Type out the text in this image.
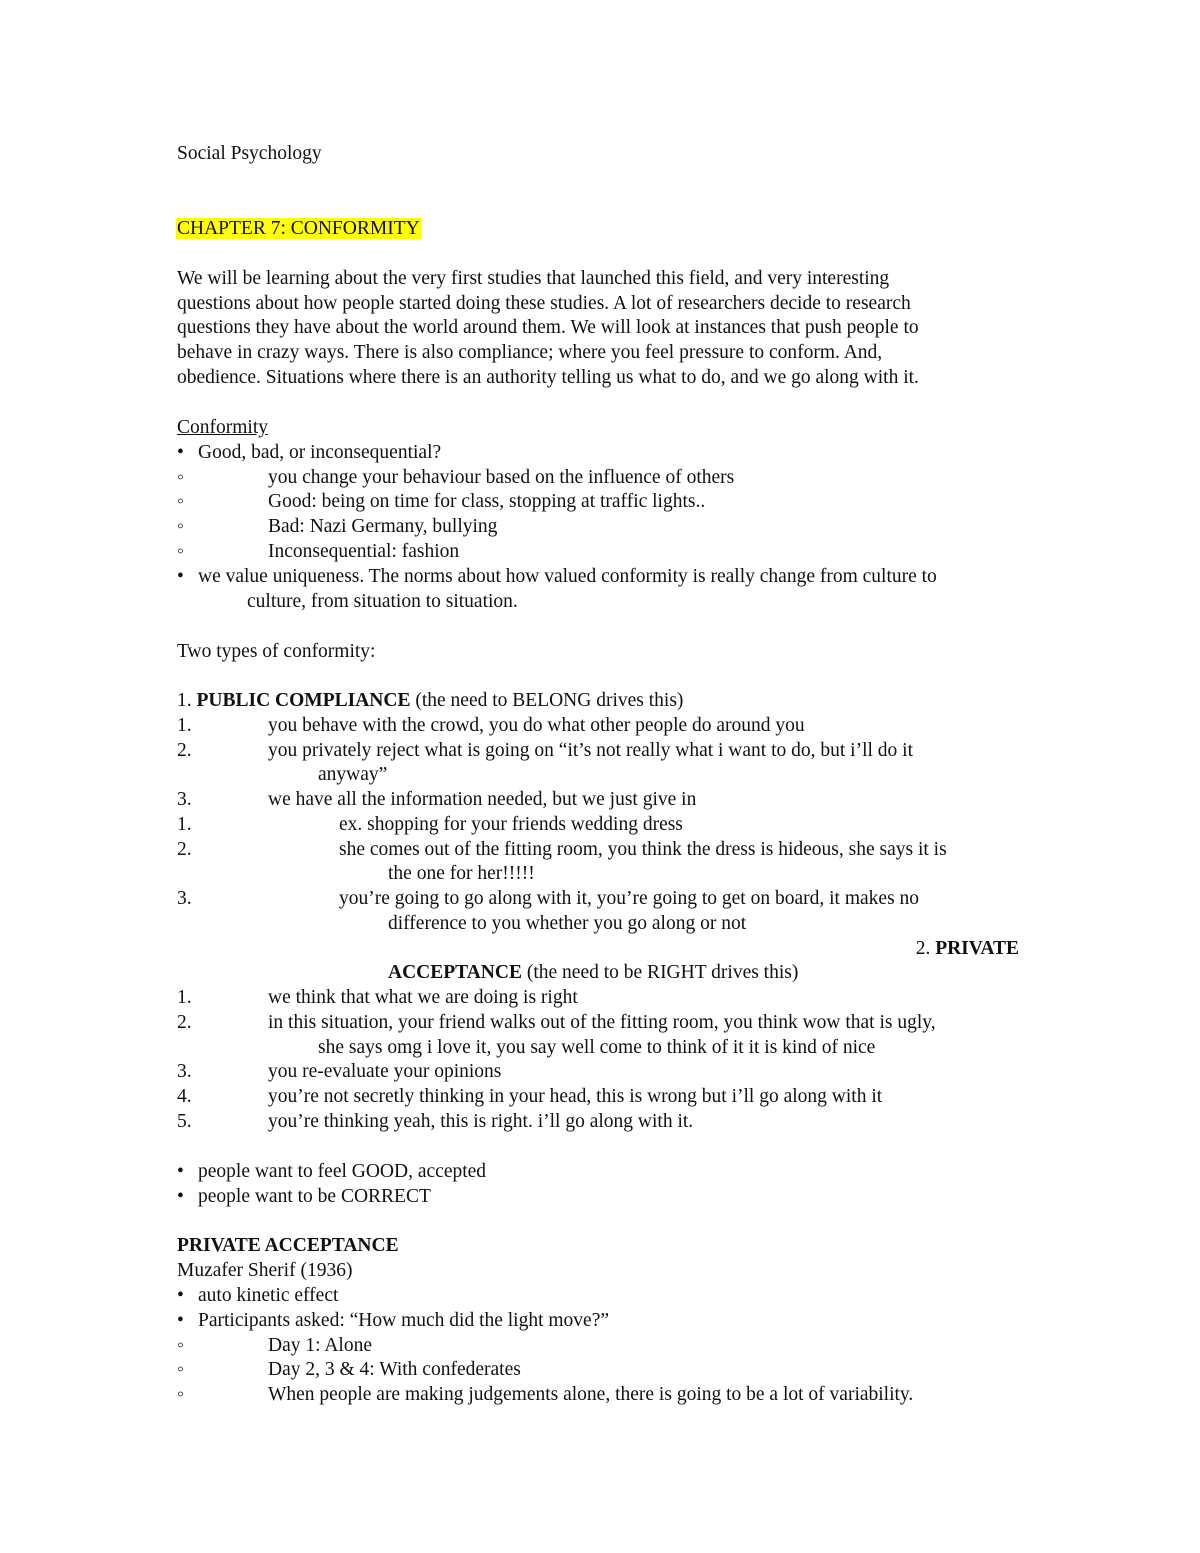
Social Psychology
CHAPTER 7: CONFORMITY
We will be learning about the very first studies that launched this field, and very interesting
questions about how people started doing these studies. A lot of researchers decide to research
questions they have about the world around them. We will look at instances that push people to
behave in crazy ways. There is also compliance; where you feel pressure to conform. And,
obedience. Situations where there is an authority telling us what to do, and we go along with it.
Conformity
• Good, bad, or inconsequential?
◦	you change your behaviour based on the influence of others
◦	Good: being on time for class, stopping at traffic lights..
◦	Bad: Nazi Germany, bullying
◦	Inconsequential: fashion
• we value uniqueness. The norms about how valued conformity is really change from culture to
culture, from situation to situation.
Two types of conformity:
1. PUBLIC COMPLIANCE (the need to BELONG drives this)
1.	you behave with the crowd, you do what other people do around you
2.	you privately reject what is going on “it’s not really what i want to do, but i’ll do it
anyway”
3.	we have all the information needed, but we just give in
1.	ex. shopping for your friends wedding dress
2.	she comes out of the fitting room, you think the dress is hideous, she says it is
the one for her!!!!!
3.	you’re going to go along with it, you’re going to get on board, it makes no
difference to you whether you go along or not
2. PRIVATE
ACCEPTANCE (the need to be RIGHT drives this)
1.	we think that what we are doing is right
2.	in this situation, your friend walks out of the fitting room, you think wow that is ugly,
she says omg i love it, you say well come to think of it it is kind of nice
3.	you re-evaluate your opinions
4.	you’re not secretly thinking in your head, this is wrong but i’ll go along with it
5.	you’re thinking yeah, this is right. i’ll go along with it.
• people want to feel GOOD, accepted
• people want to be CORRECT
PRIVATE ACCEPTANCE
Muzafer Sherif (1936)
• auto kinetic effect
• Participants asked: “How much did the light move?”
◦	Day 1: Alone
◦	Day 2, 3 & 4: With confederates
◦	When people are making judgements alone, there is going to be a lot of variability.
